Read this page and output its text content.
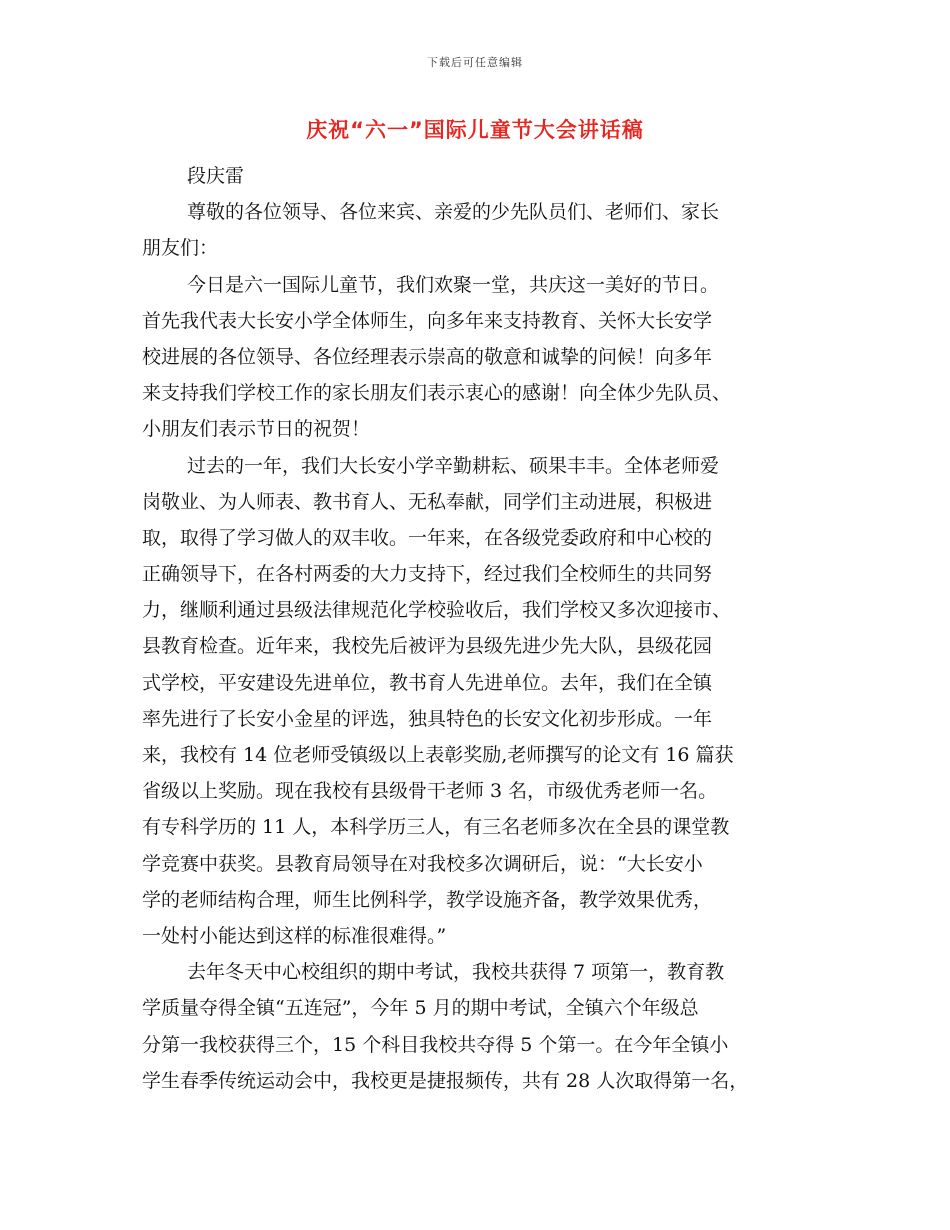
下载后可任意编辑
庆祝“六一”国际儿童节大会讲话稿

段庆雷

尊敬的各位领导、各位来宾、亲爱的少先队员们、老师们、家长
朋友们：
今日是六一国际儿童节，我们欢聚一堂，共庆这一美好的节日。
首先我代表大长安小学全体师生，向多年来支持教育、关怀大长安学
校进展的各位领导、各位经理表示崇高的敬意和诚挚的问候！向多年
来支持我们学校工作的家长朋友们表示衷心的感谢！向全体少先队员、
小朋友们表示节日的祝贺！
过去的一年，我们大长安小学辛勤耕耘、硕果丰丰。全体老师爱
岗敬业、为人师表、教书育人、无私奉献，同学们主动进展，积极进
取，取得了学习做人的双丰收。一年来，在各级党委政府和中心校的
正确领导下，在各村两委的大力支持下，经过我们全校师生的共同努
力，继顺利通过县级法律规范化学校验收后，我们学校又多次迎接市、
县教育检查。近年来，我校先后被评为县级先进少先大队，县级花园
式学校，平安建设先进单位，教书育人先进单位。去年，我们在全镇
率先进行了长安小金星的评选，独具特色的长安文化初步形成。一年
来，我校有 14 位老师受镇级以上表彰奖励,老师撰写的论文有 16 篇获
省级以上奖励。现在我校有县级骨干老师 3 名，市级优秀老师一名。
有专科学历的 11 人，本科学历三人，有三名老师多次在全县的课堂教
学竞赛中获奖。县教育局领导在对我校多次调研后，说：“大长安小
学的老师结构合理，师生比例科学，教学设施齐备，教学效果优秀，
一处村小能达到这样的标准很难得。”
去年冬天中心校组织的期中考试，我校共获得 7 项第一，教育教
学质量夺得全镇“五连冠”，今年 5 月的期中考试，全镇六个年级总
分第一我校获得三个，15 个科目我校共夺得 5 个第一。在今年全镇小
学生春季传统运动会中，我校更是捷报频传，共有 28 人次取得第一名，
